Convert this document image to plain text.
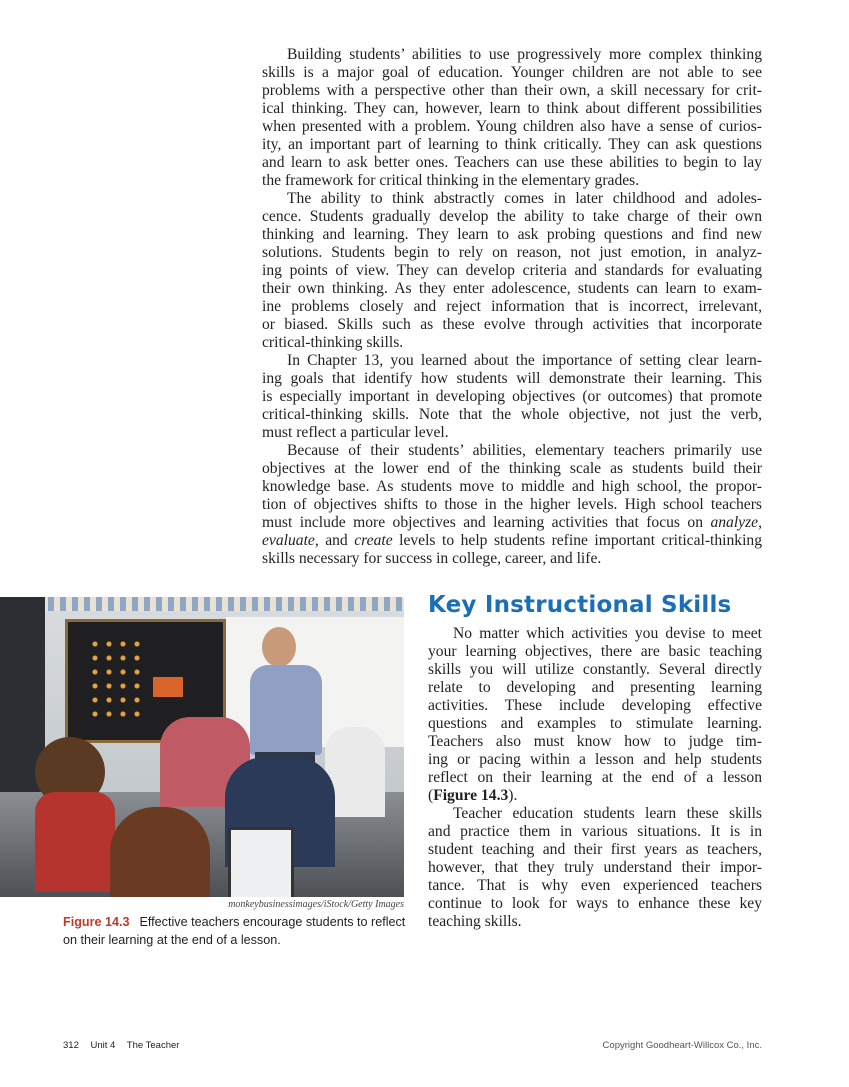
Building students’ abilities to use progressively more complex thinking
skills is a major goal of education. Younger children are not able to see
problems with a perspective other than their own, a skill necessary for crit-
ical thinking. They can, however, learn to think about different possibilities
when presented with a problem. Young children also have a sense of curios-
ity, an important part of learning to think critically. They can ask questions
and learn to ask better ones. Teachers can use these abilities to begin to lay
the framework for critical thinking in the elementary grades.
The ability to think abstractly comes in later childhood and adoles-
cence. Students gradually develop the ability to take charge of their own
thinking and learning. They learn to ask probing questions and find new
solutions. Students begin to rely on reason, not just emotion, in analyz-
ing points of view. They can develop criteria and standards for evaluating
their own thinking. As they enter adolescence, students can learn to exam-
ine problems closely and reject information that is incorrect, irrelevant,
or biased. Skills such as these evolve through activities that incorporate
critical-thinking skills.
In Chapter 13, you learned about the importance of setting clear learn-
ing goals that identify how students will demonstrate their learning. This
is especially important in developing objectives (or outcomes) that promote
critical-thinking skills. Note that the whole objective, not just the verb,
must reflect a particular level.
Because of their students’ abilities, elementary teachers primarily use
objectives at the lower end of the thinking scale as students build their
knowledge base. As students move to middle and high school, the propor-
tion of objectives shifts to those in the higher levels. High school teachers
must include more objectives and learning activities that focus on analyze,
evaluate, and create levels to help students refine important critical-thinking
skills necessary for success in college, career, and life.
monkeybusinessimages/iStock/Getty Images
Figure 14.3 Effective teachers encourage students to reflect on their learning at the end of a lesson.
Key Instructional Skills
No matter which activities you devise to meet
your learning objectives, there are basic teaching
skills you will utilize constantly. Several directly
relate to developing and presenting learning
activities. These include developing effective
questions and examples to stimulate learning.
Teachers also must know how to judge tim-
ing or pacing within a lesson and help students
reflect on their learning at the end of a lesson
(Figure 14.3).
Teacher education students learn these skills
and practice them in various situations. It is in
student teaching and their first years as teachers,
however, that they truly understand their impor-
tance. That is why even experienced teachers
continue to look for ways to enhance these key
teaching skills.
312 Unit 4 The Teacher	Copyright Goodheart-Willcox Co., Inc.
